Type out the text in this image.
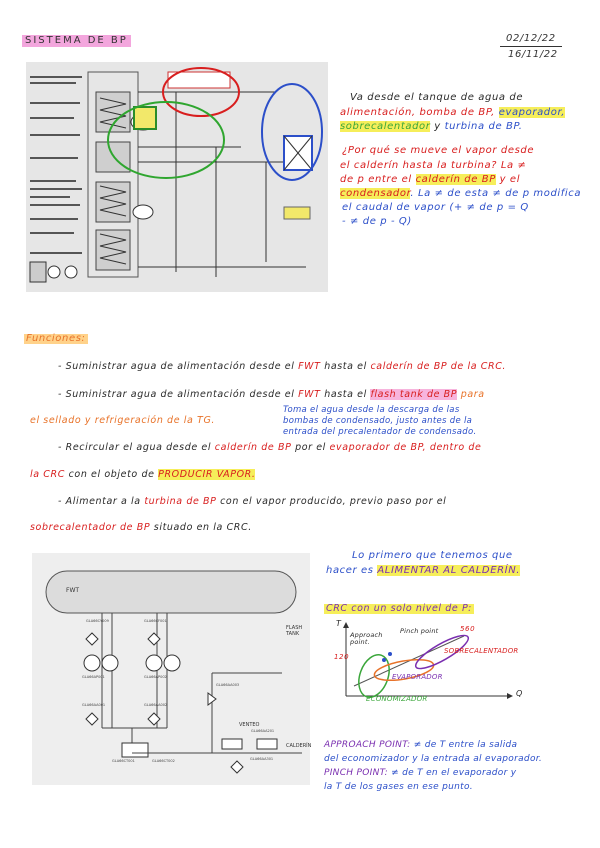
SISTEMA DE BP	02/12/22
16/11/22
Va desde el tanque de agua de
alimentación, bomba de BP, evaporador,
sobrecalentador y turbina de BP.
¿Por qué se mueve el vapor desde
el calderín hasta la turbina? La ≠
de p entre el calderín de BP y el
condensador. La ≠ de esta ≠ de p modifica
el caudal de vapor (+ ≠ de p = Q
- ≠ de p - Q)
Funciones:
- Suministrar agua de alimentación desde el FWT hasta el calderín de BP de la CRC.
- Suministrar agua de alimentación desde el FWT hasta el flash tank de BP para
el sellado y refrigeración de la TG.
Toma el agua desde la descarga de las
bombas de condensado, justo antes de la
entrada del precalentador de condensado.
- Recircular el agua desde el calderín de BP por el evaporador de BP, dentro de
la CRC con el objeto de PRODUCIR VAPOR.
- Alimentar a la turbina de BP con el vapor producido, previo paso por el
sobrecalentador de BP situado en la CRC.
FWT
FLASH TANK
VENTEO
CALDERÍN
GLA66CY009	GLA66CF001
GLA66AP001	GLA66AP002
GLA66AA001	GLA66AA002
GLA66AA003
GLA66AA201
GLA66AA301
GLA66CT001	GLA66CT002
Lo primero que tenemos que
hacer es ALIMENTAR AL CALDERÍN.
CRC con un solo nivel de P:
T
Q
Approach point.
Pinch point	560
120
SOBRECALENTADOR
EVAPORADOR
ECONOMIZADOR
APPROACH POINT: ≠ de T entre la salida
del economizador y la entrada al evaporador.
PINCH POINT: ≠ de T en el evaporador y
la T de los gases en ese punto.
